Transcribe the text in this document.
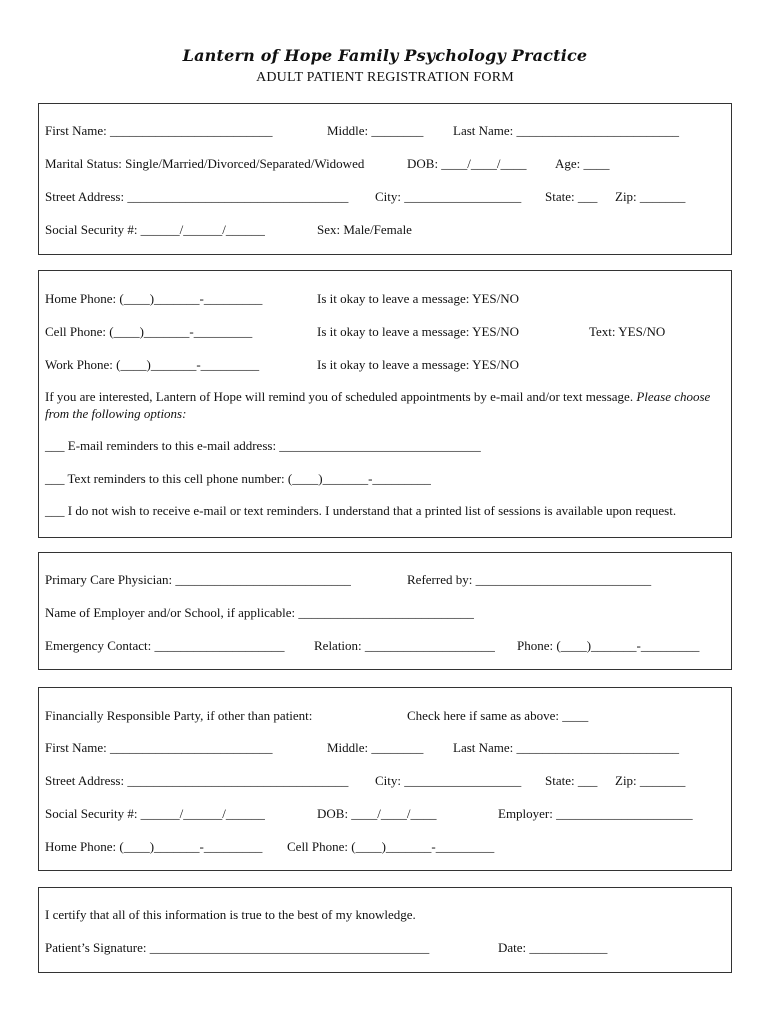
Lantern of Hope Family Psychology Practice
ADULT PATIENT REGISTRATION FORM
First Name: _________________________	Middle: ________ Last Name: _________________________
Marital Status: Single/Married/Divorced/Separated/Widowed	DOB: ____/____/____ Age: ____
Street Address: __________________________________ City: __________________ State: ___ Zip: _______
Social Security #: ______/______/______	Sex: Male/Female
Home Phone: (____)_______-_________	Is it okay to leave a message: YES/NO
Cell Phone: (____)_______-_________	Is it okay to leave a message: YES/NO	Text: YES/NO
Work Phone: (____)_______-_________	Is it okay to leave a message: YES/NO
If you are interested, Lantern of Hope will remind you of scheduled appointments by e-mail and/or text message. Please choose from the following options:
___ E-mail reminders to this e-mail address: _______________________________
___ Text reminders to this cell phone number: (____)_______-_________
___ I do not wish to receive e-mail or text reminders. I understand that a printed list of sessions is available upon request.
Primary Care Physician: ___________________________	Referred by: ___________________________
Name of Employer and/or School, if applicable: ___________________________
Emergency Contact: ____________________ Relation: ____________________ Phone: (____)_______-_________
Financially Responsible Party, if other than patient:	Check here if same as above: ____
First Name: _________________________	Middle: ________ Last Name: _________________________
Street Address: __________________________________ City: __________________ State: ___ Zip: _______
Social Security #: ______/______/______	DOB: ____/____/____	Employer: _____________________
Home Phone: (____)_______-_________ Cell Phone: (____)_______-_________
I certify that all of this information is true to the best of my knowledge.
Patient’s Signature: ___________________________________________	Date: ____________
